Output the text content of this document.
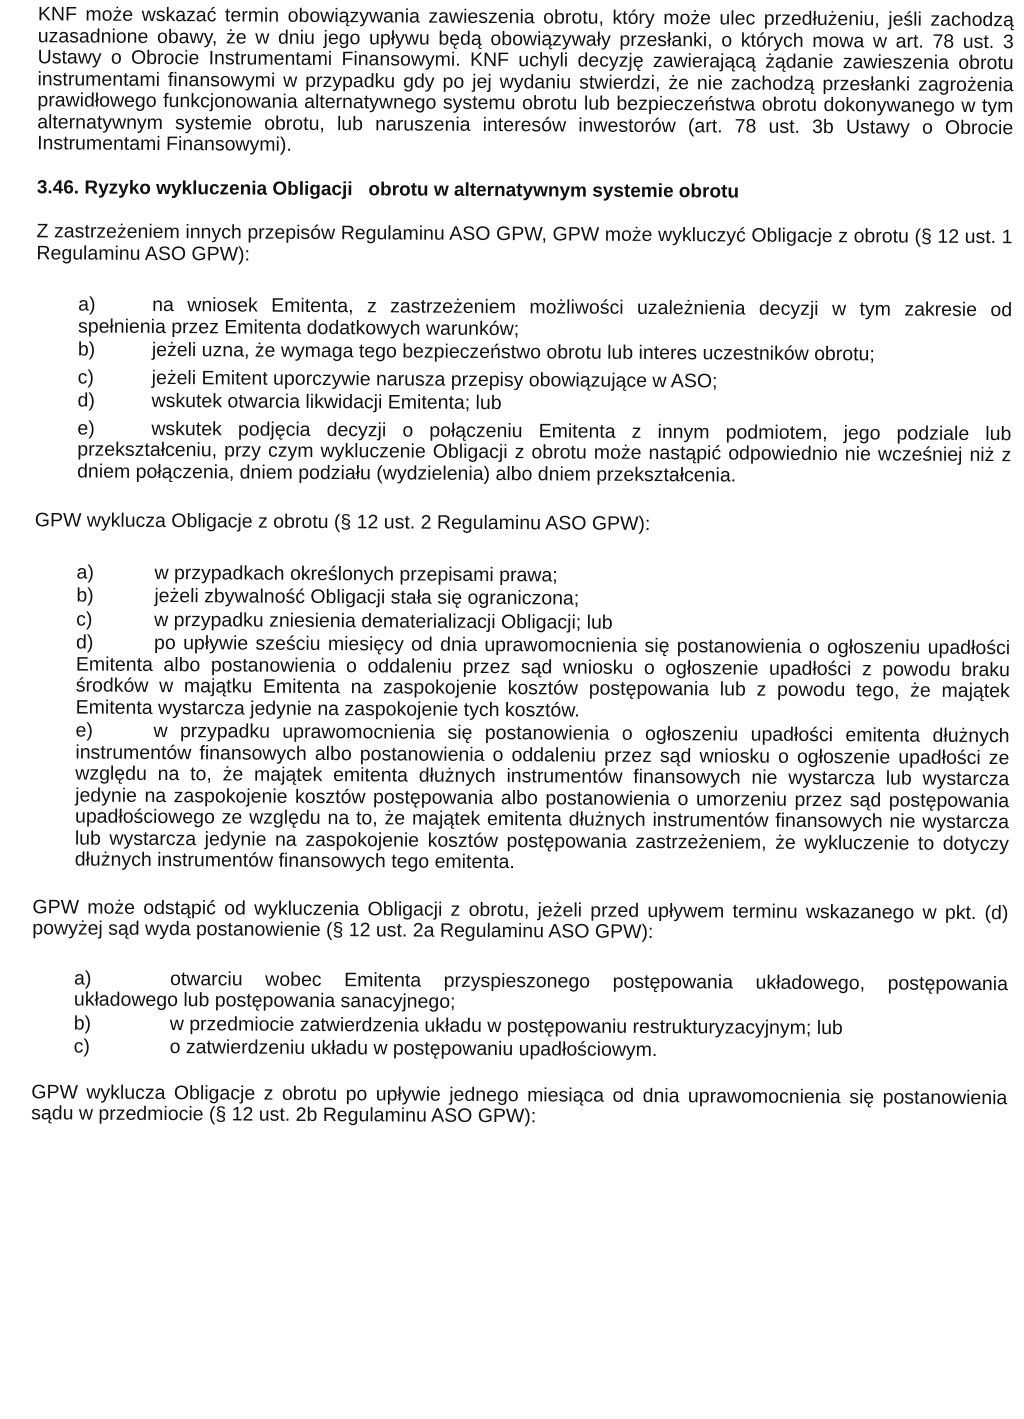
KNF może wskazać termin obowiązywania zawieszenia obrotu, który może ulec przedłużeniu, jeśli zachodzą uzasadnione obawy, że w dniu jego upływu będą obowiązywały przesłanki, o których mowa w art. 78 ust. 3 Ustawy o Obrocie Instrumentami Finansowymi. KNF uchyli decyzję zawierającą żądanie zawieszenia obrotu instrumentami finansowymi w przypadku gdy po jej wydaniu stwierdzi, że nie zachodzą przesłanki zagrożenia prawidłowego funkcjonowania alternatywnego systemu obrotu lub bezpieczeństwa obrotu dokonywanego w tym alternatywnym systemie obrotu, lub naruszenia interesów inwestorów (art. 78 ust. 3b Ustawy o Obrocie Instrumentami Finansowymi).

3.46. Ryzyko wykluczenia Obligacji   obrotu w alternatywnym systemie obrotu

Z zastrzeżeniem innych przepisów Regulaminu ASO GPW, GPW może wykluczyć Obligacje z obrotu (§ 12 ust. 1 Regulaminu ASO GPW):

a)	na wniosek Emitenta, z zastrzeżeniem możliwości uzależnienia decyzji w tym zakresie od spełnienia przez Emitenta dodatkowych warunków;

b)	jeżeli uzna, że wymaga tego bezpieczeństwo obrotu lub interes uczestników obrotu;

c)	jeżeli Emitent uporczywie narusza przepisy obowiązujące w ASO;

d)	wskutek otwarcia likwidacji Emitenta; lub

e)	wskutek podjęcia decyzji o połączeniu Emitenta z innym podmiotem, jego podziale lub przekształceniu, przy czym wykluczenie Obligacji z obrotu może nastąpić odpowiednio nie wcześniej niż z dniem połączenia, dniem podziału (wydzielenia) albo dniem przekształcenia.

GPW wyklucza Obligacje z obrotu (§ 12 ust. 2 Regulaminu ASO GPW):

a)	w przypadkach określonych przepisami prawa;

b)	jeżeli zbywalność Obligacji stała się ograniczona;

c)	w przypadku zniesienia dematerializacji Obligacji; lub

d)	po upływie sześciu miesięcy od dnia uprawomocnienia się postanowienia o ogłoszeniu upadłości Emitenta albo postanowienia o oddaleniu przez sąd wniosku o ogłoszenie upadłości z powodu braku środków w majątku Emitenta na zaspokojenie kosztów postępowania lub z powodu tego, że majątek Emitenta wystarcza jedynie na zaspokojenie tych kosztów.

e)	w przypadku uprawomocnienia się postanowienia o ogłoszeniu upadłości emitenta dłużnych instrumentów finansowych albo postanowienia o oddaleniu przez sąd wniosku o ogłoszenie upadłości ze względu na to, że majątek emitenta dłużnych instrumentów finansowych nie wystarcza lub wystarcza jedynie na zaspokojenie kosztów postępowania albo postanowienia o umorzeniu przez sąd postępowania upadłościowego ze względu na to, że majątek emitenta dłużnych instrumentów finansowych nie wystarcza lub wystarcza jedynie na zaspokojenie kosztów postępowania zastrzeżeniem, że wykluczenie to dotyczy dłużnych instrumentów finansowych tego emitenta.

GPW może odstąpić od wykluczenia Obligacji z obrotu, jeżeli przed upływem terminu wskazanego w pkt. (d) powyżej sąd wyda postanowienie (§ 12 ust. 2a Regulaminu ASO GPW):

a)	otwarciu wobec Emitenta przyspieszonego postępowania układowego, postępowania układowego lub postępowania sanacyjnego;

b)	w przedmiocie zatwierdzenia układu w postępowaniu restrukturyzacyjnym; lub

c)	o zatwierdzeniu układu w postępowaniu upadłościowym.

GPW wyklucza Obligacje z obrotu po upływie jednego miesiąca od dnia uprawomocnienia się postanowienia sądu w przedmiocie (§ 12 ust. 2b Regulaminu ASO GPW):
